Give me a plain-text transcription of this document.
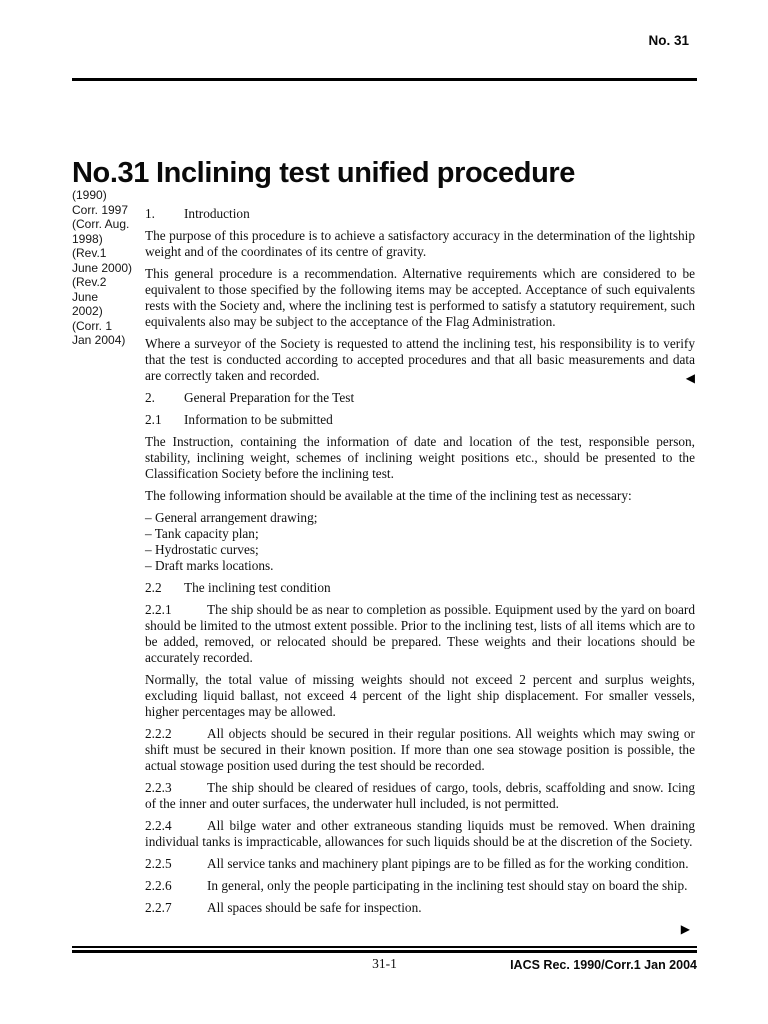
No. 31
No.31 Inclining test unified procedure
(1990)
Corr. 1997
(Corr. Aug.
1998)
(Rev.1
June 2000)
(Rev.2
June
2002)
(Corr. 1
Jan 2004)

1. Introduction

The purpose of this procedure is to achieve a satisfactory accuracy in the determination of the lightship weight and of the coordinates of its centre of gravity.

This general procedure is a recommendation. Alternative requirements which are considered to be equivalent to those specified by the following items may be accepted. Acceptance of such equivalents rests with the Society and, where the inclining test is performed to satisfy a statutory requirement, such equivalents also may be subject to the acceptance of the Flag Administration.

Where a surveyor of the Society is requested to attend the inclining test, his responsibility is to verify that the test is conducted according to accepted procedures and that all basic measurements and data are correctly taken and recorded.	◀

2. General Preparation for the Test

2.1 Information to be submitted

The Instruction, containing the information of date and location of the test, responsible person, stability, inclining weight, schemes of inclining weight positions etc., should be presented to the Classification Society before the inclining test.

The following information should be available at the time of the inclining test as necessary:

– General arrangement drawing;
– Tank capacity plan;
– Hydrostatic curves;
– Draft marks locations.

2.2 The inclining test condition

2.2.1	The ship should be as near to completion as possible. Equipment used by the yard on board should be limited to the utmost extent possible. Prior to the inclining test, lists of all items which are to be added, removed, or relocated should be prepared. These weights and their locations should be accurately recorded.

Normally, the total value of missing weights should not exceed 2 percent and surplus weights, excluding liquid ballast, not exceed 4 percent of the light ship displacement. For smaller vessels, higher percentages may be allowed.

2.2.2	All objects should be secured in their regular positions. All weights which may swing or shift must be secured in their known position. If more than one sea stowage position is possible, the actual stowage position used during the test should be recorded.

2.2.3	The ship should be cleared of residues of cargo, tools, debris, scaffolding and snow. Icing of the inner and outer surfaces, the underwater hull included, is not permitted.

2.2.4	All bilge water and other extraneous standing liquids must be removed. When draining individual tanks is impracticable, allowances for such liquids should be at the discretion of the Society.

2.2.5	All service tanks and machinery plant pipings are to be filled as for the working condition.

2.2.6	In general, only the people participating in the inclining test should stay on board the ship.

2.2.7	All spaces should be safe for inspection.

▶
31-1	IACS Rec. 1990/Corr.1 Jan 2004
